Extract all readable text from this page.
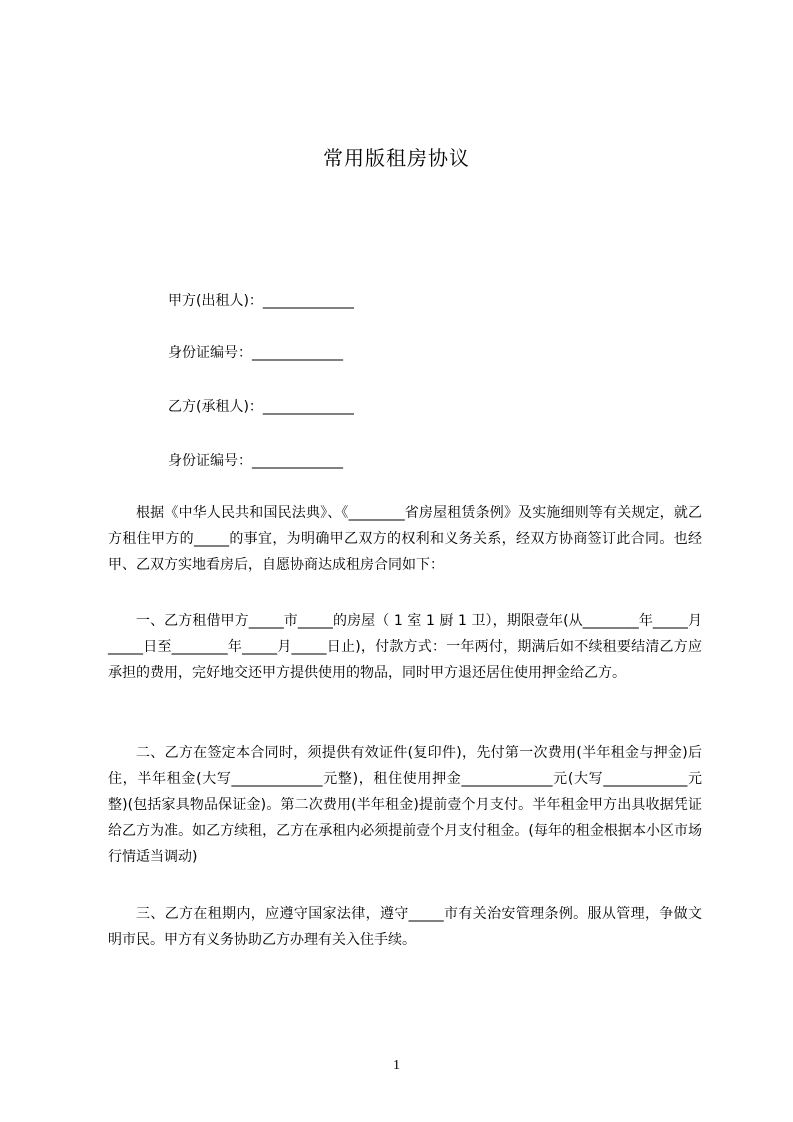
常用版租房协议
甲方(出租人)：_____________
身份证编号：_____________
乙方(承租人)：_____________
身份证编号：_____________

根据《中华人民共和国民法典》、《________省房屋租赁条例》及实施细则等有关规定，就乙方租住甲方的_____的事宜，为明确甲乙双方的权利和义务关系，经双方协商签订此合同。也经甲、乙双方实地看房后，自愿协商达成租房合同如下：

一、乙方租借甲方_____市_____的房屋（ 1 室 1 厨 1 卫），期限壹年(从________年_____月_____日至________年_____月_____日止)，付款方式：一年两付，期满后如不续租要结清乙方应承担的费用，完好地交还甲方提供使用的物品，同时甲方退还居住使用押金给乙方。

二、乙方在签定本合同时，须提供有效证件(复印件)，先付第一次费用(半年租金与押金)后住，半年租金(大写_____________元整)，租住使用押金_____________元(大写____________元整)(包括家具物品保证金)。第二次费用(半年租金)提前壹个月支付。半年租金甲方出具收据凭证给乙方为准。如乙方续租，乙方在承租内必须提前壹个月支付租金。(每年的租金根据本小区市场行情适当调动)

三、乙方在租期内，应遵守国家法律，遵守_____市有关治安管理条例。服从管理，争做文明市民。甲方有义务协助乙方办理有关入住手续。

1
